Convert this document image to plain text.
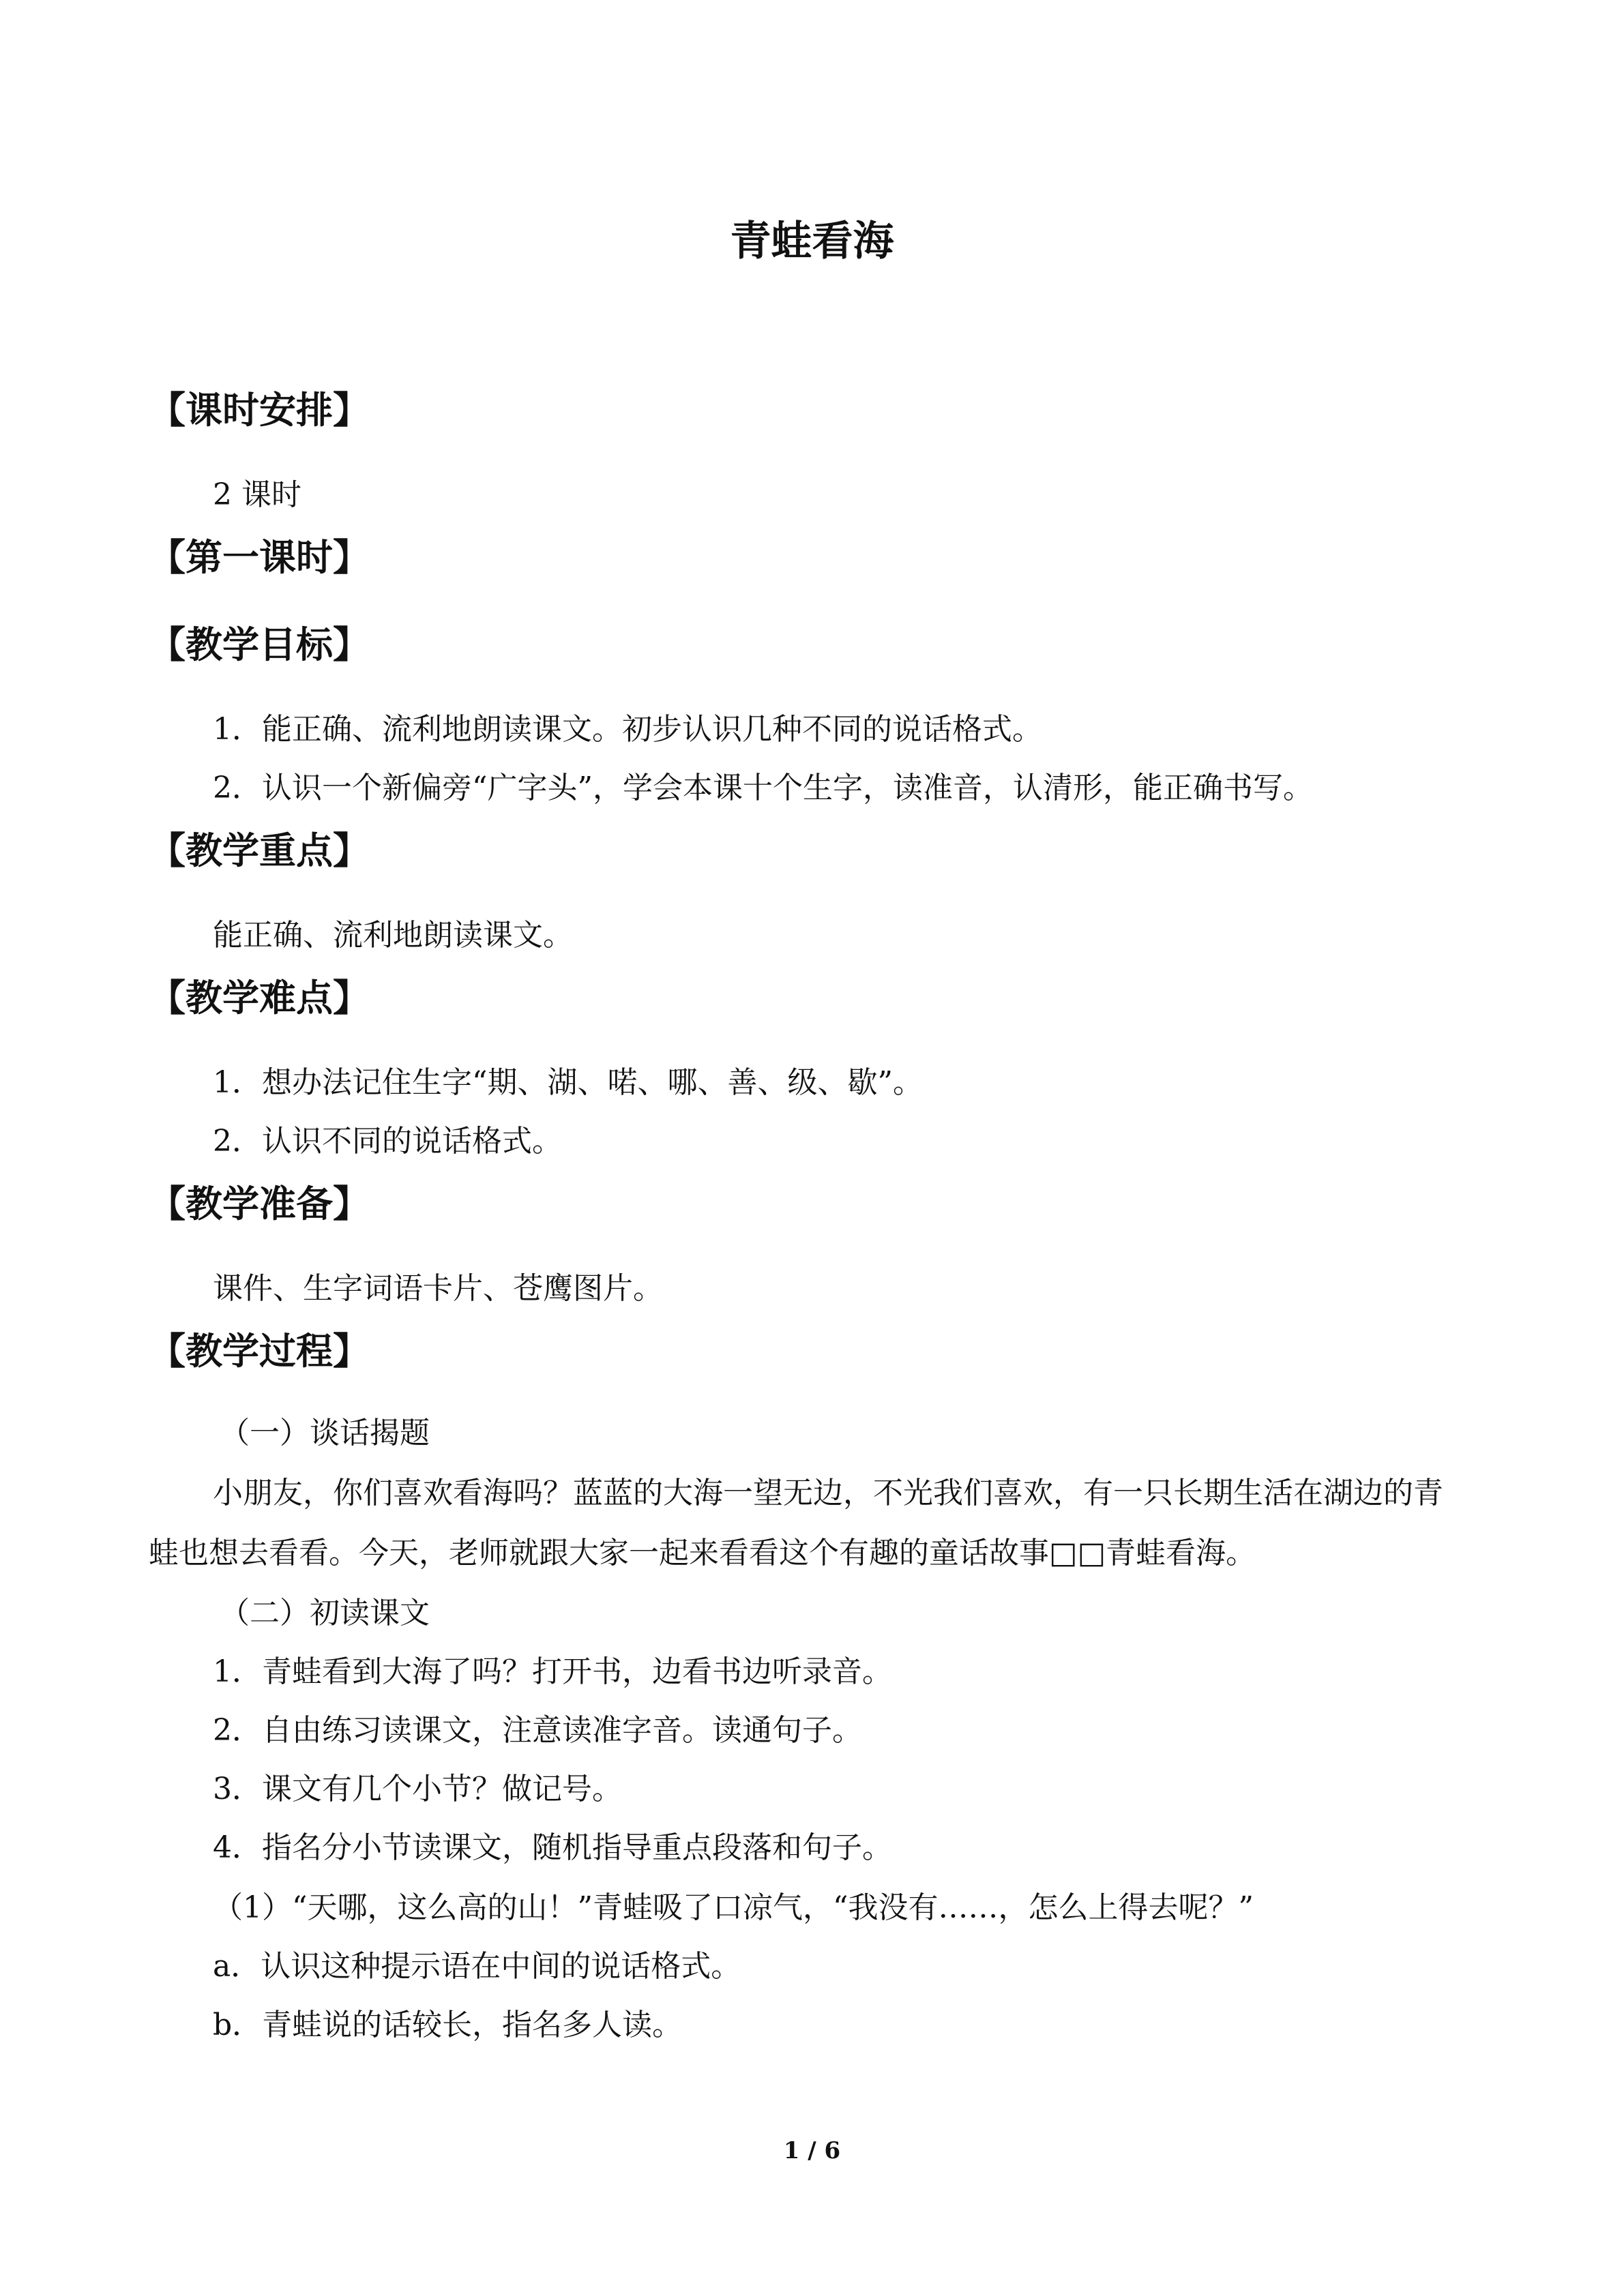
青蛙看海
【课时安排】
2 课时
【第一课时】
【教学目标】
1．能正确、流利地朗读课文。初步认识几种不同的说话格式。
2．认识一个新偏旁“广字头”，学会本课十个生字，读准音，认清形，能正确书写。
【教学重点】
能正确、流利地朗读课文。
【教学难点】
1．想办法记住生字“期、湖、喏、哪、善、级、歇”。
2．认识不同的说话格式。
【教学准备】
课件、生字词语卡片、苍鹰图片。
【教学过程】
（一）谈话揭题
小朋友，你们喜欢看海吗？蓝蓝的大海一望无边，不光我们喜欢，有一只长期生活在湖边的青蛙也想去看看。今天，老师就跟大家一起来看看这个有趣的童话故事□□青蛙看海。
（二）初读课文
1．青蛙看到大海了吗？打开书，边看书边听录音。
2．自由练习读课文，注意读准字音。读通句子。
3．课文有几个小节？做记号。
4．指名分小节读课文，随机指导重点段落和句子。
（1）“天哪，这么高的山！”青蛙吸了口凉气，“我没有……，怎么上得去呢？”
a．认识这种提示语在中间的说话格式。
b．青蛙说的话较长，指名多人读。
1 / 6
